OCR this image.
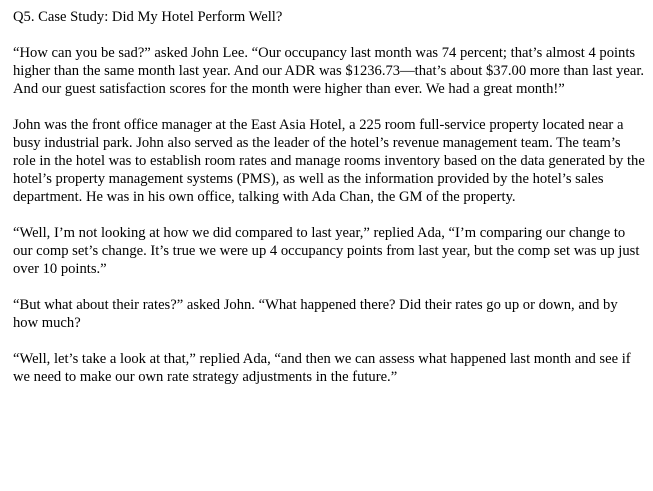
Q5. Case Study: Did My Hotel Perform Well?

“How can you be sad?” asked John Lee. “Our occupancy last month was 74 percent; that’s almost 4 points higher than the same month last year. And our ADR was $1236.73—that’s about $37.00 more than last year. And our guest satisfaction scores for the month were higher than ever. We had a great month!”

John was the front office manager at the East Asia Hotel, a 225 room full-service property located near a busy industrial park. John also served as the leader of the hotel’s revenue management team. The team’s role in the hotel was to establish room rates and manage rooms inventory based on the data generated by the hotel’s property management systems (PMS), as well as the information provided by the hotel’s sales department. He was in his own office, talking with Ada Chan, the GM of the property.

“Well, I’m not looking at how we did compared to last year,” replied Ada, “I’m comparing our change to our comp set’s change. It’s true we were up 4 occupancy points from last year, but the comp set was up just over 10 points.”

“But what about their rates?” asked John. “What happened there? Did their rates go up or down, and by how much?

“Well, let’s take a look at that,” replied Ada, “and then we can assess what happened last month and see if we need to make our own rate strategy adjustments in the future.”
